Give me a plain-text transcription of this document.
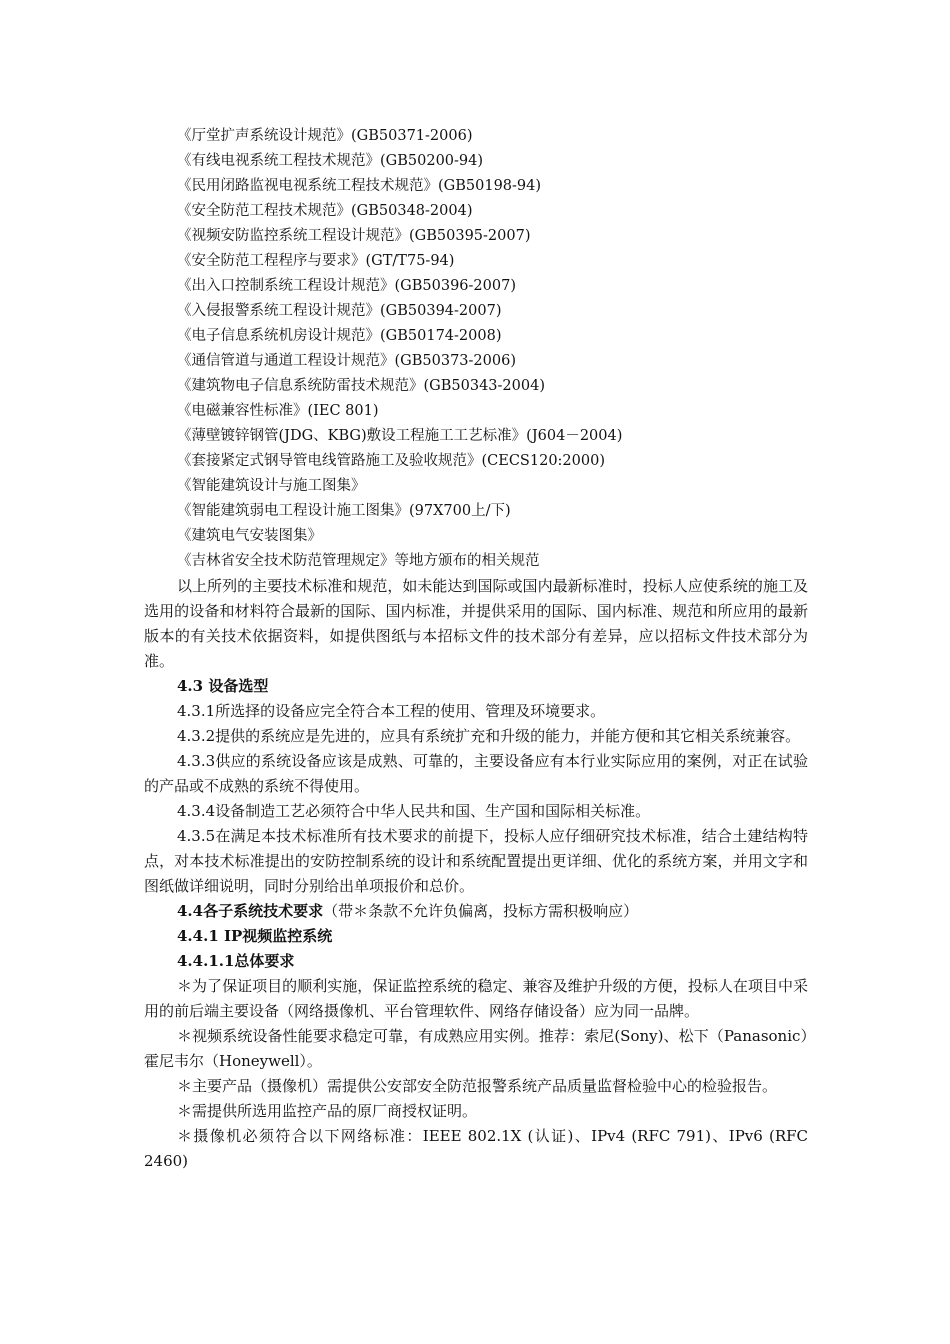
《厅堂扩声系统设计规范》(GB50371-2006)
《有线电视系统工程技术规范》(GB50200-94)
《民用闭路监视电视系统工程技术规范》(GB50198-94)
《安全防范工程技术规范》(GB50348-2004)
《视频安防监控系统工程设计规范》(GB50395-2007)
《安全防范工程程序与要求》(GT/T75-94)
《出入口控制系统工程设计规范》(GB50396-2007)
《入侵报警系统工程设计规范》(GB50394-2007)
《电子信息系统机房设计规范》(GB50174-2008)
《通信管道与通道工程设计规范》(GB50373-2006)
《建筑物电子信息系统防雷技术规范》(GB50343-2004)
《电磁兼容性标准》(IEC 801)
《薄壁镀锌钢管(JDG、KBG)敷设工程施工工艺标准》(J604－2004)
《套接紧定式钢导管电线管路施工及验收规范》(CECS120:2000)
《智能建筑设计与施工图集》
《智能建筑弱电工程设计施工图集》(97X700上/下)
《建筑电气安装图集》
《吉林省安全技术防范管理规定》等地方颁布的相关规范
以上所列的主要技术标准和规范，如未能达到国际或国内最新标准时，投标人应使系统的施工及选用的设备和材料符合最新的国际、国内标准，并提供采用的国际、国内标准、规范和所应用的最新版本的有关技术依据资料，如提供图纸与本招标文件的技术部分有差异，应以招标文件技术部分为准。
4.3 设备选型
4.3.1所选择的设备应完全符合本工程的使用、管理及环境要求。
4.3.2提供的系统应是先进的，应具有系统扩充和升级的能力，并能方便和其它相关系统兼容。
4.3.3供应的系统设备应该是成熟、可靠的，主要设备应有本行业实际应用的案例，对正在试验的产品或不成熟的系统不得使用。
4.3.4设备制造工艺必须符合中华人民共和国、生产国和国际相关标准。
4.3.5在满足本技术标准所有技术要求的前提下，投标人应仔细研究技术标准，结合土建结构特点，对本技术标准提出的安防控制系统的设计和系统配置提出更详细、优化的系统方案，并用文字和图纸做详细说明，同时分别给出单项报价和总价。
4.4各子系统技术要求（带＊条款不允许负偏离，投标方需积极响应）
4.4.1 IP视频监控系统
4.4.1.1总体要求
＊为了保证项目的顺利实施，保证监控系统的稳定、兼容及维护升级的方便，投标人在项目中采用的前后端主要设备（网络摄像机、平台管理软件、网络存储设备）应为同一品牌。
＊视频系统设备性能要求稳定可靠，有成熟应用实例。推荐：索尼(Sony)、松下（Panasonic）霍尼韦尔（Honeywell）。
＊主要产品（摄像机）需提供公安部安全防范报警系统产品质量监督检验中心的检验报告。
＊需提供所选用监控产品的原厂商授权证明。
＊摄像机必须符合以下网络标准：IEEE 802.1X (认证)、IPv4 (RFC 791)、IPv6 (RFC 2460)
